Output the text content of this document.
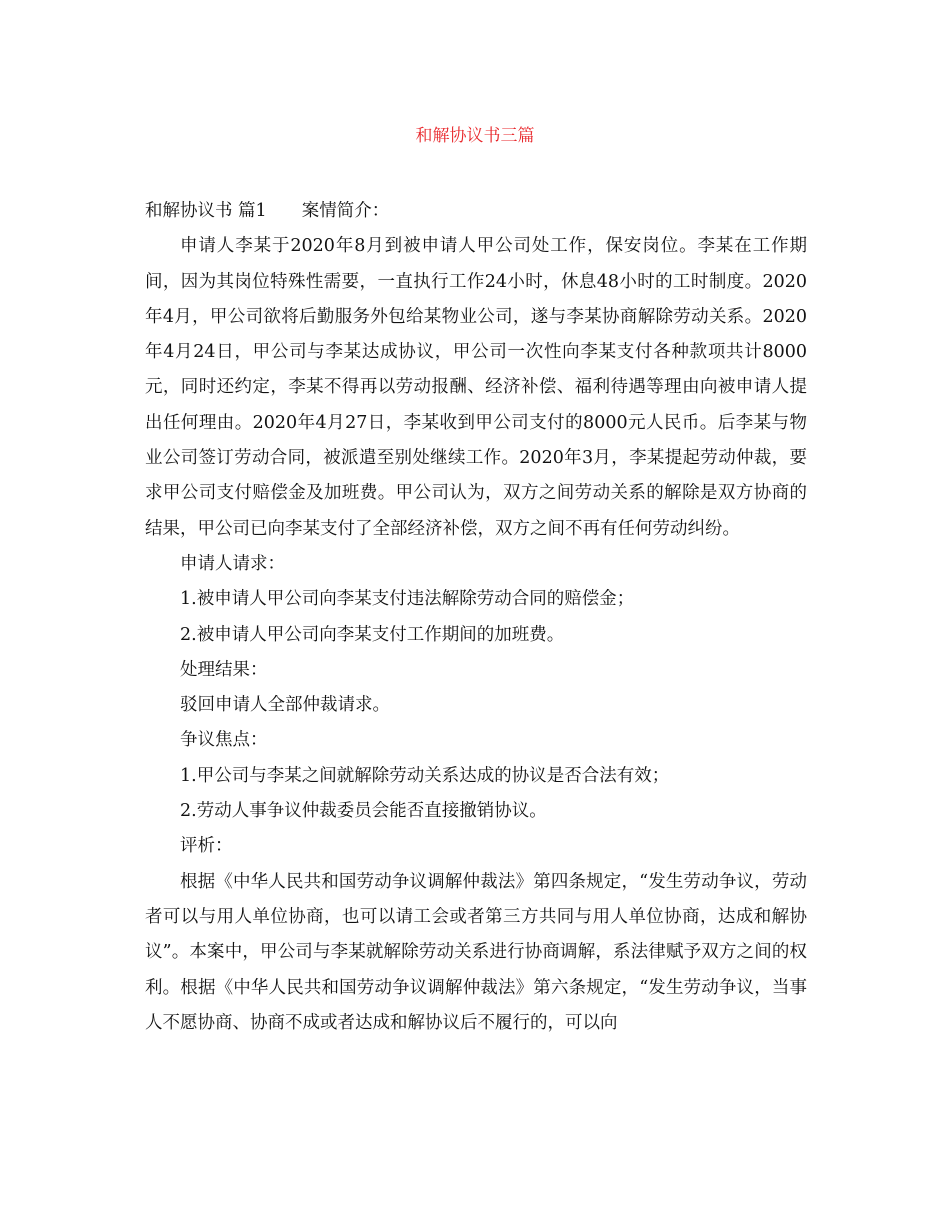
和解协议书三篇

和解协议书 篇1　　案情简介：

申请人李某于2020年8月到被申请人甲公司处工作，保安岗位。李某在工作期间，因为其岗位特殊性需要，一直执行工作24小时，休息48小时的工时制度。2020年4月，甲公司欲将后勤服务外包给某物业公司，遂与李某协商解除劳动关系。2020年4月24日，甲公司与李某达成协议，甲公司一次性向李某支付各种款项共计8000元，同时还约定，李某不得再以劳动报酬、经济补偿、福利待遇等理由向被申请人提出任何理由。2020年4月27日，李某收到甲公司支付的8000元人民币。后李某与物业公司签订劳动合同，被派遣至别处继续工作。2020年3月，李某提起劳动仲裁，要求甲公司支付赔偿金及加班费。甲公司认为，双方之间劳动关系的解除是双方协商的结果，甲公司已向李某支付了全部经济补偿，双方之间不再有任何劳动纠纷。

申请人请求：

1.被申请人甲公司向李某支付违法解除劳动合同的赔偿金；

2.被申请人甲公司向李某支付工作期间的加班费。

处理结果：

驳回申请人全部仲裁请求。

争议焦点：

1.甲公司与李某之间就解除劳动关系达成的协议是否合法有效；

2.劳动人事争议仲裁委员会能否直接撤销协议。

评析：

根据《中华人民共和国劳动争议调解仲裁法》第四条规定，“发生劳动争议，劳动者可以与用人单位协商，也可以请工会或者第三方共同与用人单位协商，达成和解协议”。本案中，甲公司与李某就解除劳动关系进行协商调解，系法律赋予双方之间的权利。根据《中华人民共和国劳动争议调解仲裁法》第六条规定，“发生劳动争议，当事人不愿协商、协商不成或者达成和解协议后不履行的，可以向
